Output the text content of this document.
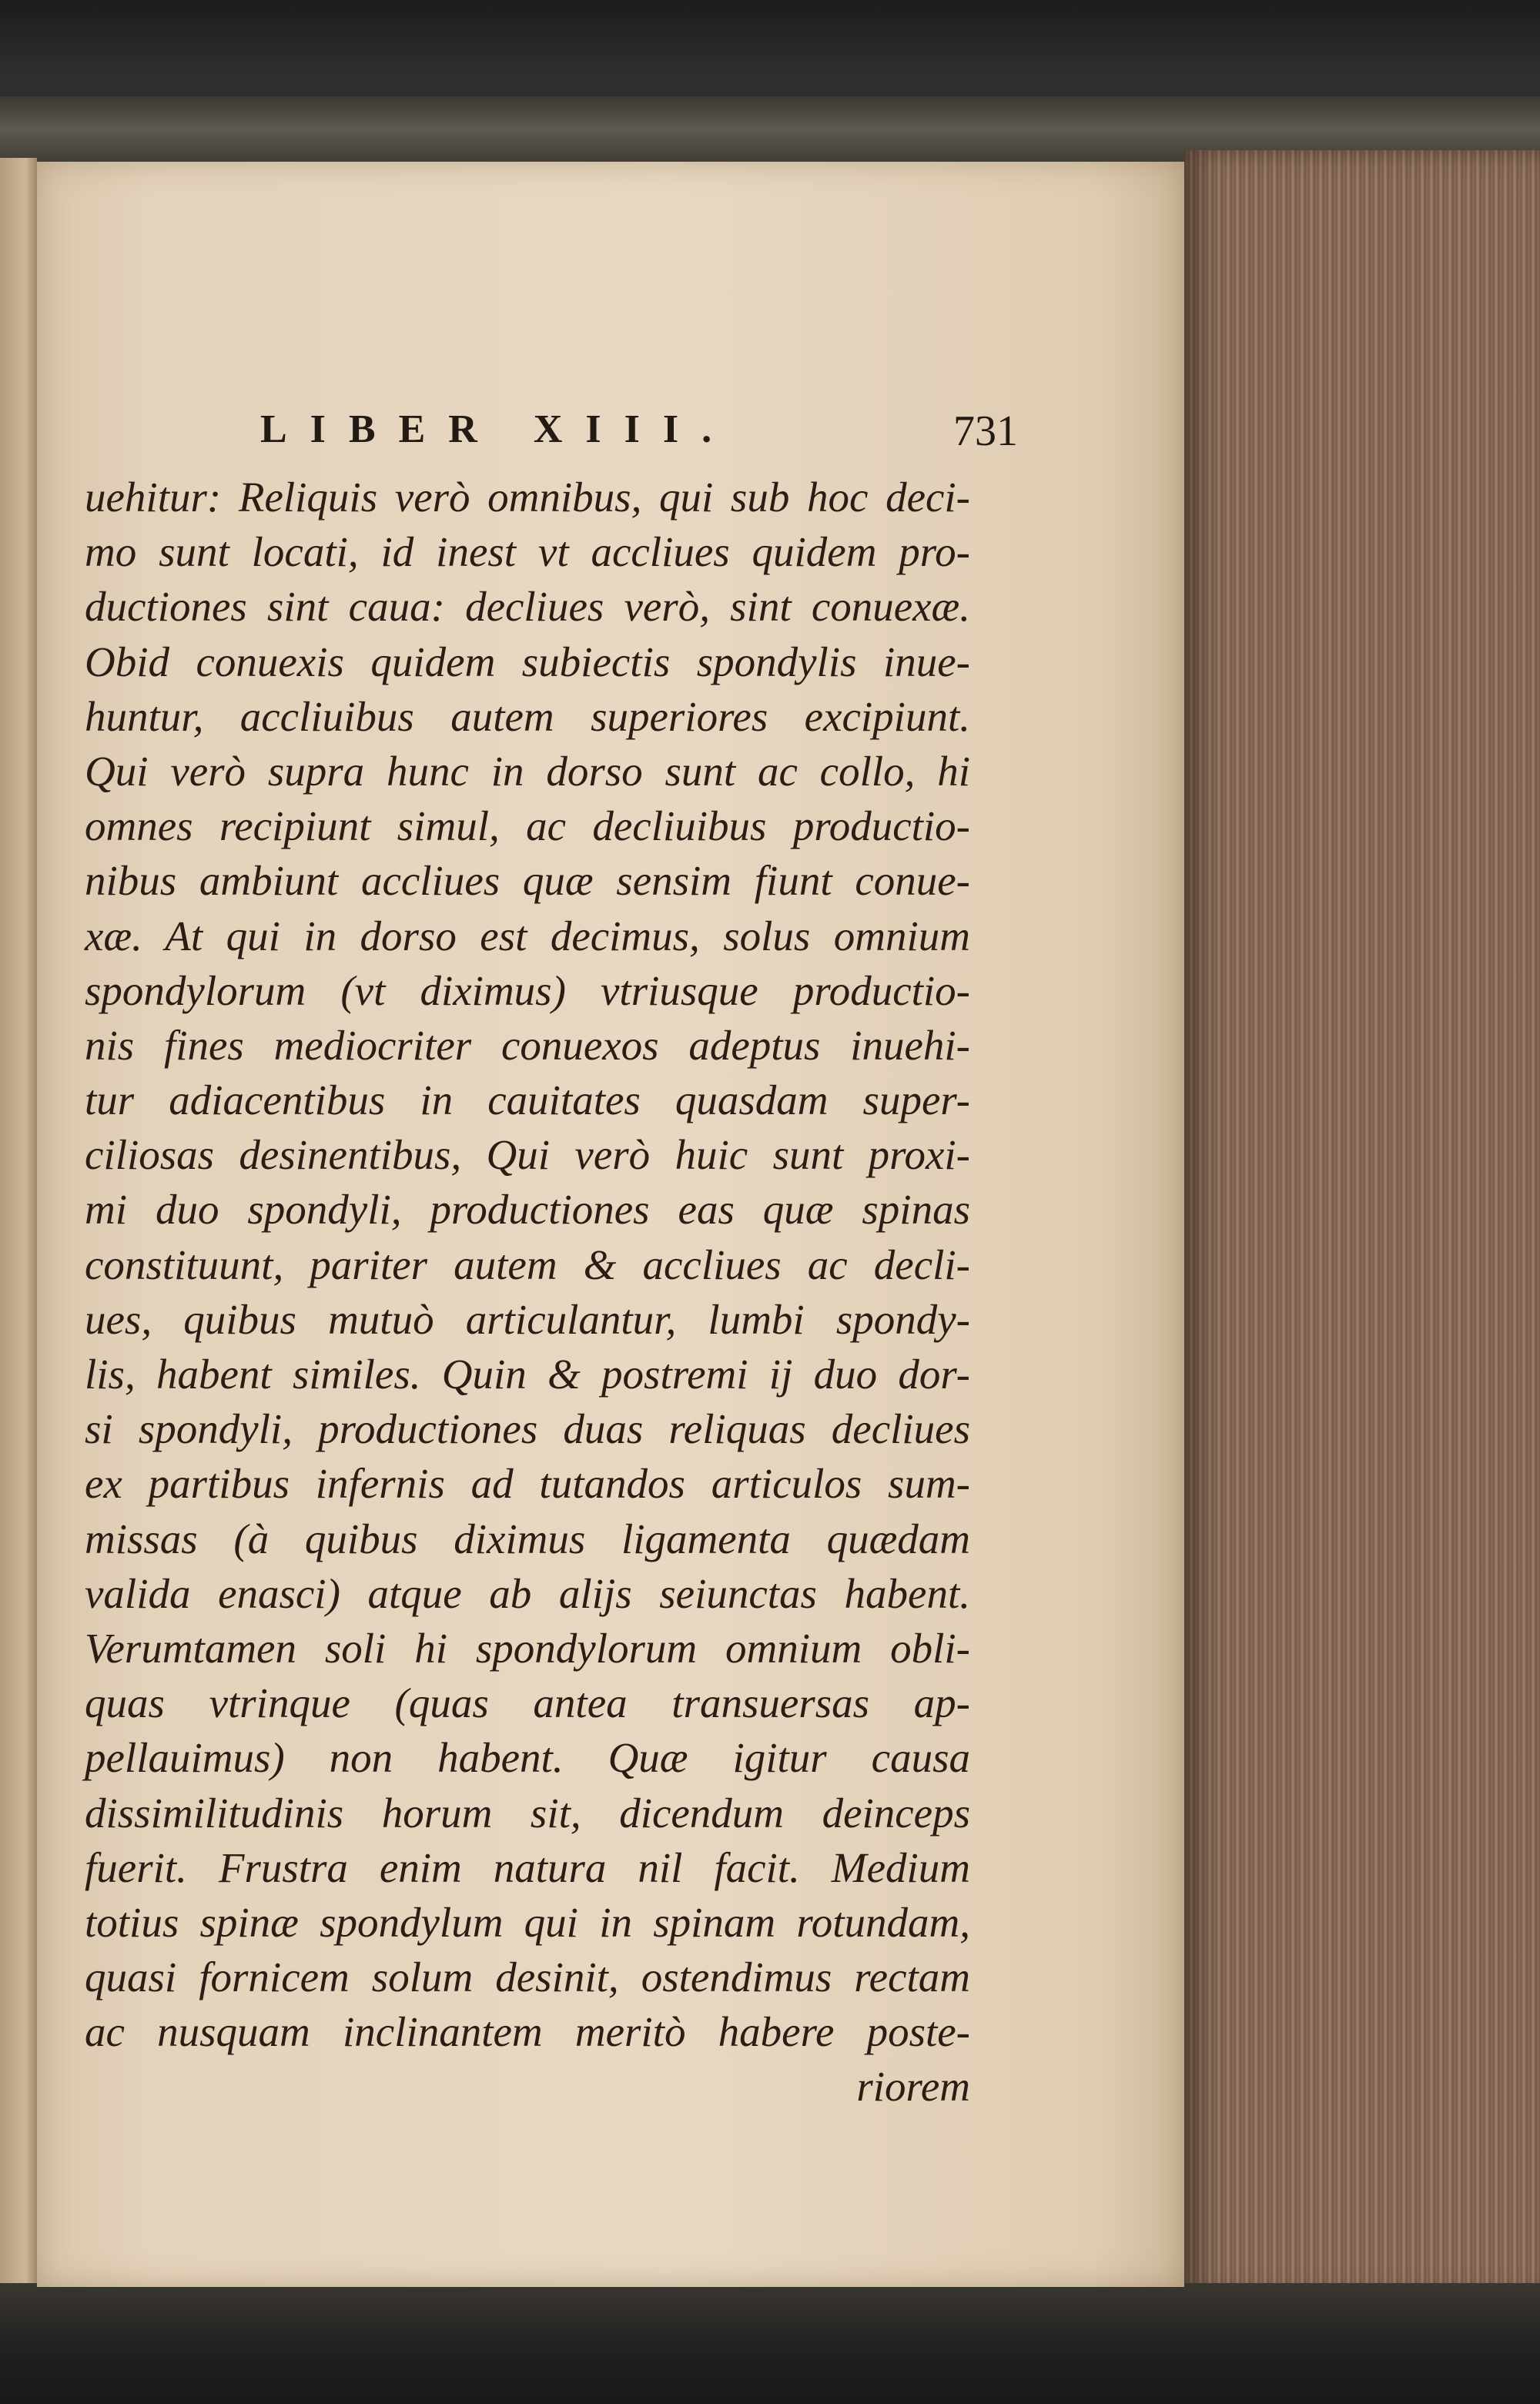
LIBER XIII.	731
uehitur: Reliquis verò omnibus, qui sub hoc deci-
mo sunt locati, id inest vt accliues quidem pro-
ductiones sint caua: decliues verò, sint conuexæ.
Obid conuexis quidem subiectis spondylis inue-
huntur, accliuibus autem superiores excipiunt.
Qui verò supra hunc in dorso sunt ac collo, hi
omnes recipiunt simul, ac decliuibus productio-
nibus ambiunt accliues quæ sensim fiunt conue-
xæ. At qui in dorso est decimus, solus omnium
spondylorum (vt diximus) vtriusque productio-
nis fines mediocriter conuexos adeptus inuehi-
tur adiacentibus in cauitates quasdam super-
ciliosas desinentibus, Qui verò huic sunt proxi-
mi duo spondyli, productiones eas quæ spinas
constituunt, pariter autem & accliues ac decli-
ues, quibus mutuò articulantur, lumbi spondy-
lis, habent similes. Quin & postremi ij duo dor-
si spondyli, productiones duas reliquas decliues
ex partibus infernis ad tutandos articulos sum-
missas (à quibus diximus ligamenta quædam
valida enasci) atque ab alijs seiunctas habent.
Verumtamen soli hi spondylorum omnium obli-
quas vtrinque (quas antea transuersas ap-
pellauimus) non habent. Quæ igitur causa
dissimilitudinis horum sit, dicendum deinceps
fuerit. Frustra enim natura nil facit. Medium
totius spinæ spondylum qui in spinam rotundam,
quasi fornicem solum desinit, ostendimus rectam
ac nusquam inclinantem meritò habere poste-
riorem
